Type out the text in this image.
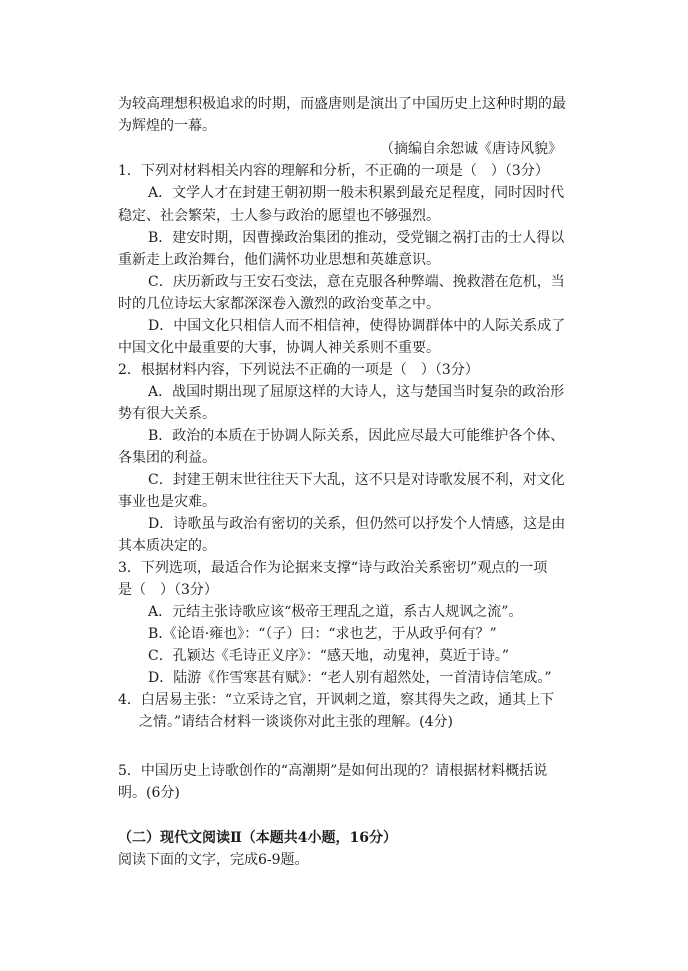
为较高理想积极追求的时期，而盛唐则是演出了中国历史上这种时期的最
为辉煌的一幕。
（摘编自余恕诚《唐诗风貌》
1．下列对材料相关内容的理解和分析，不正确的一项是（　）（3分）
A．文学人才在封建王朝初期一般未积累到最充足程度，同时因时代
稳定、社会繁荣，士人参与政治的愿望也不够强烈。
B．建安时期，因曹操政治集团的推动，受党锢之祸打击的士人得以
重新走上政治舞台，他们满怀功业思想和英雄意识。
C．庆历新政与王安石变法，意在克服各种弊端、挽救潜在危机，当
时的几位诗坛大家都深深卷入激烈的政治变革之中。
D．中国文化只相信人而不相信神，使得协调群体中的人际关系成了
中国文化中最重要的大事，协调人神关系则不重要。
2．根据材料内容，下列说法不正确的一项是（　）（3分）
A．战国时期出现了屈原这样的大诗人，这与楚国当时复杂的政治形
势有很大关系。
B．政治的本质在于协调人际关系，因此应尽最大可能维护各个体、
各集团的利益。
C．封建王朝末世往往天下大乱，这不只是对诗歌发展不利，对文化
事业也是灾难。
D．诗歌虽与政治有密切的关系，但仍然可以抒发个人情感，这是由
其本质决定的。
3．下列选项，最适合作为论据来支撑“诗与政治关系密切”观点的一项
是（　）（3分）
A．元结主张诗歌应该“极帝王理乱之道，系古人规讽之流”。
B.《论语·雍也》：“（子）曰：“求也艺，于从政乎何有？”
C．孔颖达《毛诗正义序》：“感天地，动鬼神，莫近于诗。”
D．陆游《作雪寒甚有赋》：“老人别有超然处，一首清诗信笔成。”
4．白居易主张：“立采诗之官，开讽刺之道，察其得失之政，通其上下
之情。”请结合材料一谈谈你对此主张的理解。(4分)
5．中国历史上诗歌创作的“高潮期”是如何出现的？请根据材料概括说
明。(6分)
（二）现代文阅读Ⅱ（本题共4小题，16分）
阅读下面的文字，完成6-9题。
